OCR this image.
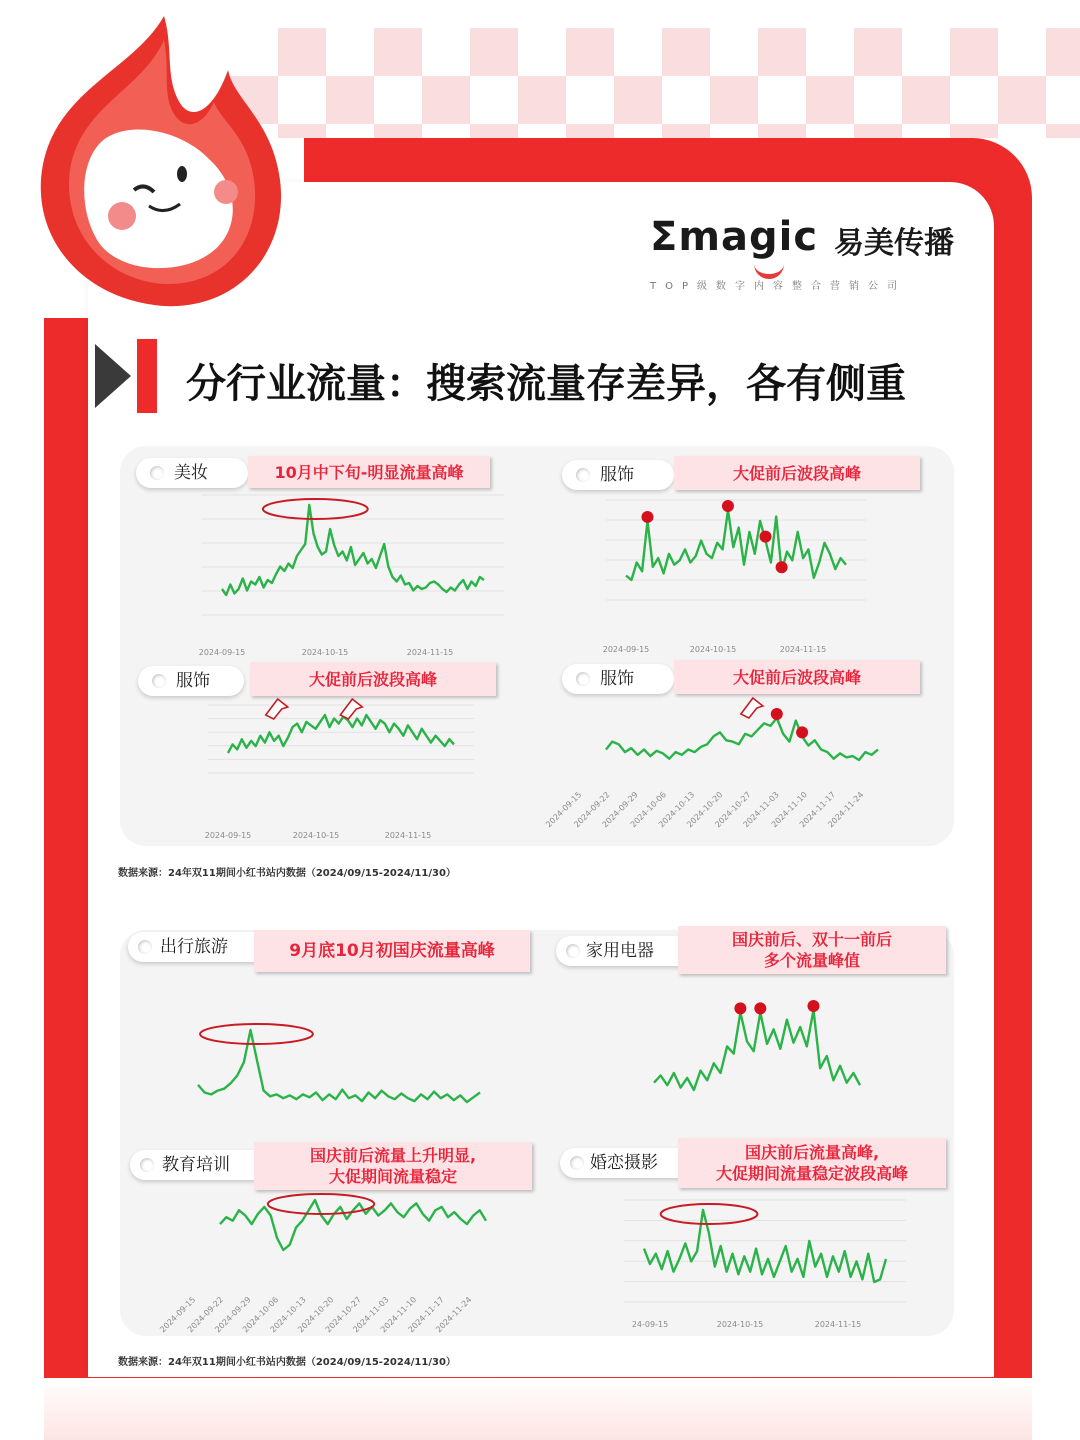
Σmagic 易美传播
TOP级数字内容整合营销公司
分行业流量：搜索流量存差异，各有侧重
美妆	10月中下旬-明显流量高峰	服饰	大促前后波段高峰
服饰	大促前后波段高峰	服饰	大促前后波段高峰
出行旅游	9月底10月初国庆流量高峰	家用电器
国庆前后、双十一前后
多个流量峰值
教育培训	国庆前后流量上升明显,
大促期间流量稳定
婚恋摄影
国庆前后流量高峰,
大促期间流量稳定波段高峰
2024-09-15	2024-10-15	2024-11-15	2024-09-15	2024-10-15	2024-11-15
2024-09-15	2024-10-15	2024-11-15
2024-09-15
2024-09-22
2024-09-29
2024-10-06
2024-10-13
2024-10-20
2024-10-27
2024-11-03
2024-11-10
2024-11-17
2024-11-24
2024-09-15
2024-09-22
2024-09-29
2024-10-06
2024-10-13
2024-10-20
2024-10-27
2024-11-03
2024-11-10
2024-11-17
2024-11-24	24-09-15	2024-10-15	2024-11-15
数据来源：24年双11期间小红书站内数据（2024/09/15-2024/11/30）
数据来源：24年双11期间小红书站内数据（2024/09/15-2024/11/30）
